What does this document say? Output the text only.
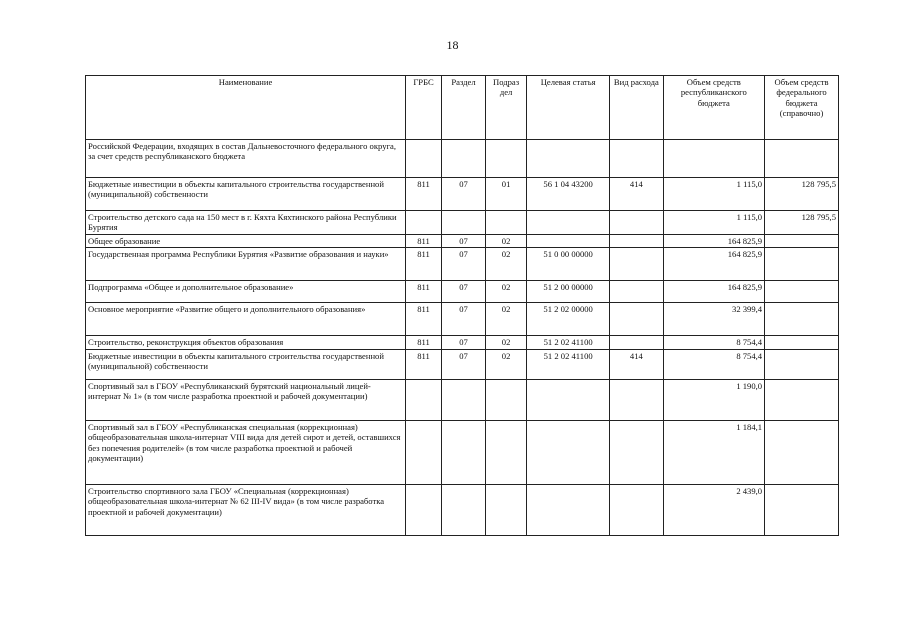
18
Наименование	ГРБС	Раздел	Подраз дел	Целевая статья	Вид расхода	Объем средств республиканского бюджета	Объем средств федерального бюджета (справочно)
Российской Федерации, входящих в состав Дальневосточного федерального округа, за счет средств республиканского бюджета							
Бюджетные инвестиции в объекты капитального строительства государственной (муниципальной) собственности	811	07	01	56 1 04 43200	414	1 115,0	128 795,5
Строительство детского сада на 150 мест в г. Кяхта Кяхтинского района Республики Бурятия						1 115,0	128 795,5
Общее образование	811	07	02			164 825,9	
Государственная программа Республики Бурятия «Развитие образования и науки»	811	07	02	51 0 00 00000		164 825,9	
Подпрограмма «Общее и дополнительное образование»	811	07	02	51 2 00 00000		164 825,9	
Основное мероприятие «Развитие общего и дополнительного образования»	811	07	02	51 2 02 00000		32 399,4	
Строительство, реконструкция объектов образования	811	07	02	51 2 02 41100		8 754,4	
Бюджетные инвестиции в объекты капитального строительства государственной (муниципальной) собственности	811	07	02	51 2 02 41100	414	8 754,4	
Спортивный зал в ГБОУ «Республиканский бурятский национальный лицей-интернат № 1» (в том числе разработка проектной и рабочей документации)						1 190,0	
Спортивный зал в ГБОУ «Республиканская специальная (коррекционная) общеобразовательная школа-интернат VIII вида для детей сирот и детей, оставшихся без попечения родителей» (в том числе разработка проектной и рабочей документации)						1 184,1	
Строительство спортивного зала ГБОУ «Специальная (коррекционная) общеобразовательная школа-интернат № 62 III-IV вида» (в том числе разработка проектной и рабочей документации)						2 439,0	
